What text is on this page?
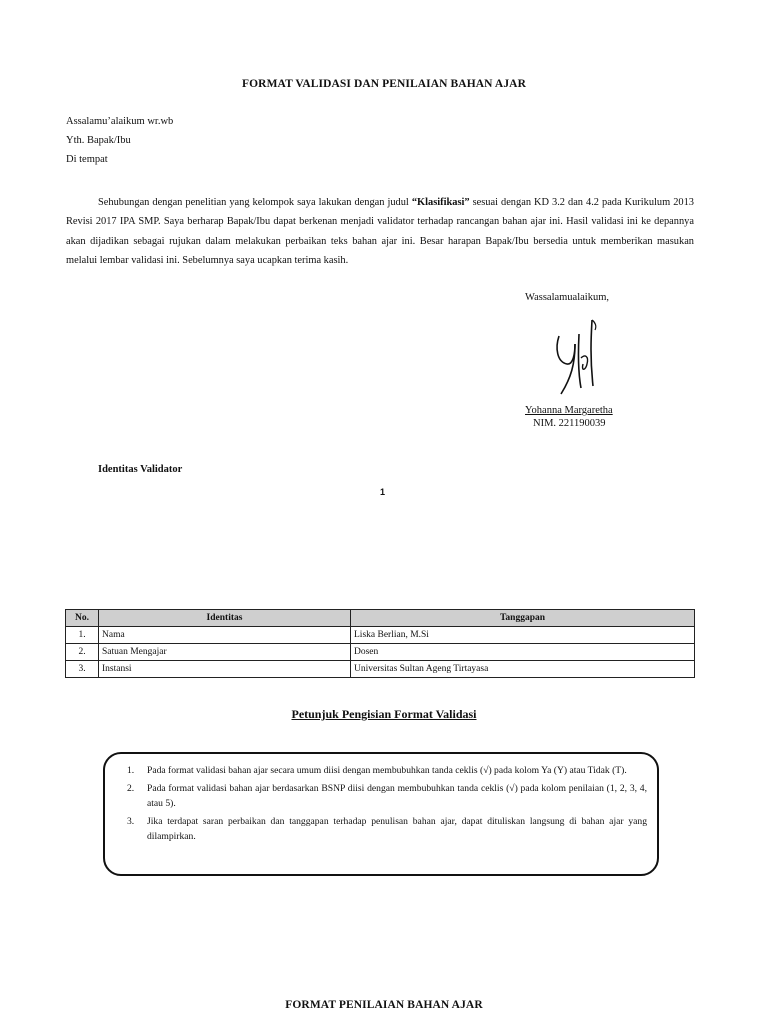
FORMAT VALIDASI DAN PENILAIAN BAHAN AJAR
Assalamu’alaikum wr.wb
Yth. Bapak/Ibu
Di tempat
Sehubungan dengan penelitian yang kelompok saya lakukan dengan judul “Klasifikasi” sesuai dengan KD 3.2 dan 4.2 pada Kurikulum 2013 Revisi 2017 IPA SMP. Saya berharap Bapak/Ibu dapat berkenan menjadi validator terhadap rancangan bahan ajar ini. Hasil validasi ini ke depannya akan dijadikan sebagai rujukan dalam melakukan perbaikan teks bahan ajar ini. Besar harapan Bapak/Ibu bersedia untuk memberikan masukan melalui lembar validasi ini. Sebelumnya saya ucapkan terima kasih.
Wassalamualaikum,
Yohanna Margaretha
NIM. 221190039
Identitas Validator
1
No.	Identitas	Tanggapan
1.	Nama	Liska Berlian, M.Si
2.	Satuan Mengajar	Dosen
3.	Instansi	Universitas Sultan Ageng Tirtayasa
Petunjuk Pengisian Format Validasi
1. Pada format validasi bahan ajar secara umum diisi dengan membubuhkan tanda ceklis (√) pada kolom Ya (Y) atau Tidak (T).
2. Pada format validasi bahan ajar berdasarkan BSNP diisi dengan membubuhkan tanda ceklis (√) pada kolom penilaian (1, 2, 3, 4, atau 5).
3. Jika terdapat saran perbaikan dan tanggapan terhadap penulisan bahan ajar, dapat dituliskan langsung di bahan ajar yang dilampirkan.
FORMAT PENILAIAN BAHAN AJAR
